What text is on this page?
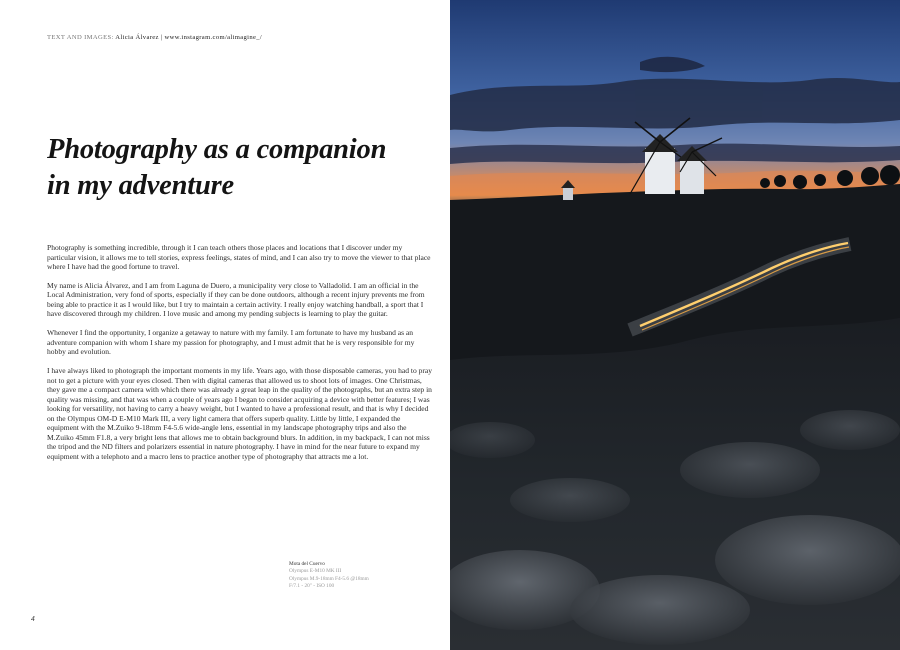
TEXT AND IMAGES: Alicia Álvarez | www.instagram.com/alimagine_/
Photography as a companion
in my adventure

Photography is something incredible, through it I can teach others those places and locations that I discover under my particular vision, it allows me to tell stories, express feelings, states of mind, and I can also try to move the viewer to that place where I have had the good fortune to travel.

My name is Alicia Álvarez, and I am from Laguna de Duero, a municipality very close to Valladolid. I am an official in the Local Administration, very fond of sports, especially if they can be done outdoors, although a recent injury prevents me from being able to practice it as I would like, but I try to maintain a certain activity. I really enjoy watching handball, a sport that I have discovered through my children. I love music and among my pending subjects is learning to play the guitar.

Whenever I find the opportunity, I organize a getaway to nature with my family. I am fortunate to have my husband as an adventure companion with whom I share my passion for photography, and I must admit that he is very responsible for my hobby and evolution.

I have always liked to photograph the important moments in my life. Years ago, with those disposable cameras, you had to pray not to get a picture with your eyes closed. Then with digital cameras that allowed us to shoot lots of images. One Christmas, they gave me a compact camera with which there was already a great leap in the quality of the photographs, but an extra step in quality was missing, and that was when a couple of years ago I began to consider acquiring a device with better features; I was looking for versatility, not having to carry a heavy weight, but I wanted to have a professional result, and that is why I decided on the Olympus OM-D E-M10 Mark III, a very light camera that offers superb quality. Little by little, I expanded the equipment with the M.Zuiko 9-18mm F4-5.6 wide-angle lens, essential in my landscape photography trips and also the M.Zuiko 45mm F1.8, a very bright lens that allows me to obtain background blurs. In addition, in my backpack, I can not miss the tripod and the ND filters and polarizers essential in nature photography. I have in mind for the near future to expand my equipment with a telephoto and a macro lens to practice another type of photography that attracts me a lot.

Mota del Cuervo
Olympus E-M10 MK III
Olympus M.9-18mm F4-5.6 @18mm
F/7.1 - 20" - ISO 100
4
